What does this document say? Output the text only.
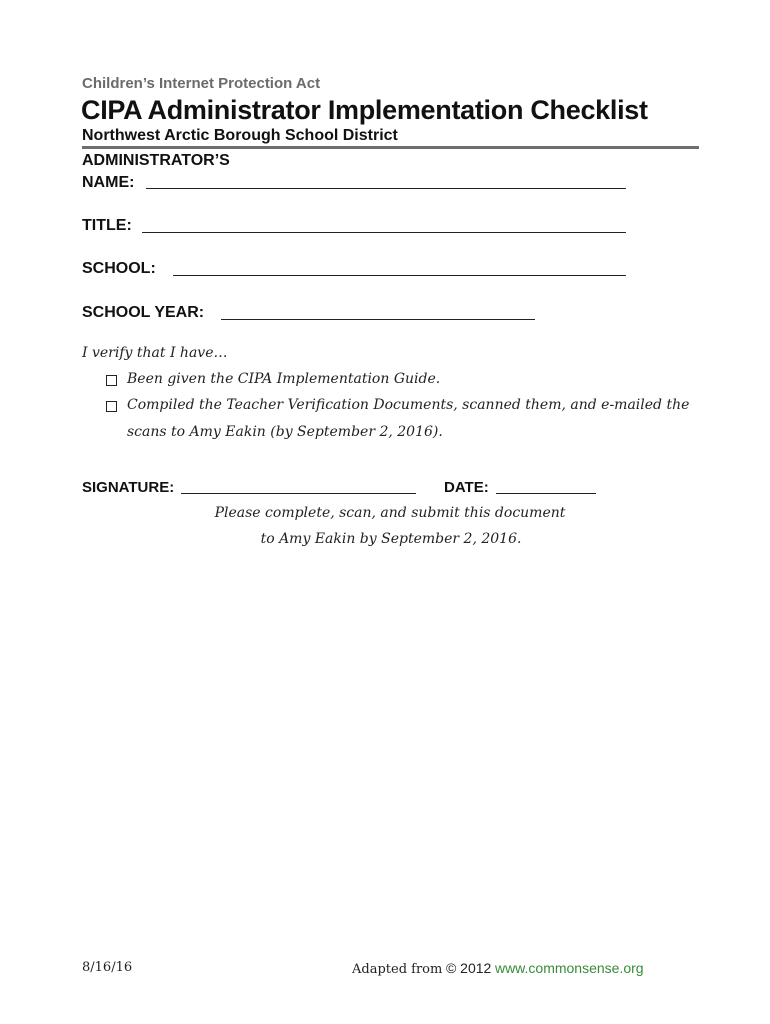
Children’s Internet Protection Act
CIPA Administrator Implementation Checklist
Northwest Arctic Borough School District
ADMINISTRATOR’S
NAME:
TITLE:
SCHOOL:
SCHOOL YEAR:
I verify that I have…
Been given the CIPA Implementation Guide.
Compiled the Teacher Verification Documents, scanned them, and e-mailed the
scans to Amy Eakin (by September 2, 2016).
SIGNATURE:	DATE:
Please complete, scan, and submit this document
to Amy Eakin by September 2, 2016.
8/16/16	Adapted from © 2012 www.commonsense.org
